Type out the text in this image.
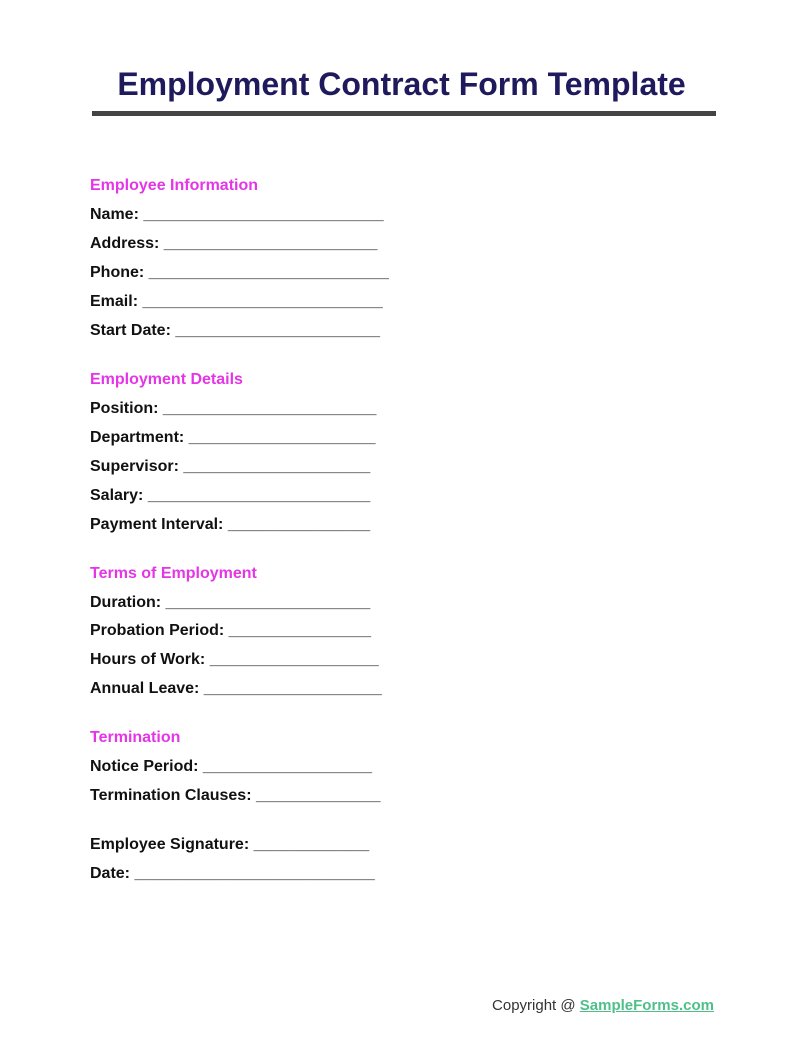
Employment Contract Form Template
Employee Information
Name: ___________________________
Address: ________________________
Phone: ___________________________
Email: ___________________________
Start Date: _______________________
Employment Details
Position: ________________________
Department: _____________________
Supervisor: _____________________
Salary: _________________________
Payment Interval: ________________
Terms of Employment
Duration: _______________________
Probation Period: ________________
Hours of Work: ___________________
Annual Leave: ____________________
Termination
Notice Period: ___________________
Termination Clauses: ______________
Employee Signature: _____________
Date: ___________________________
Copyright @ SampleForms.com
